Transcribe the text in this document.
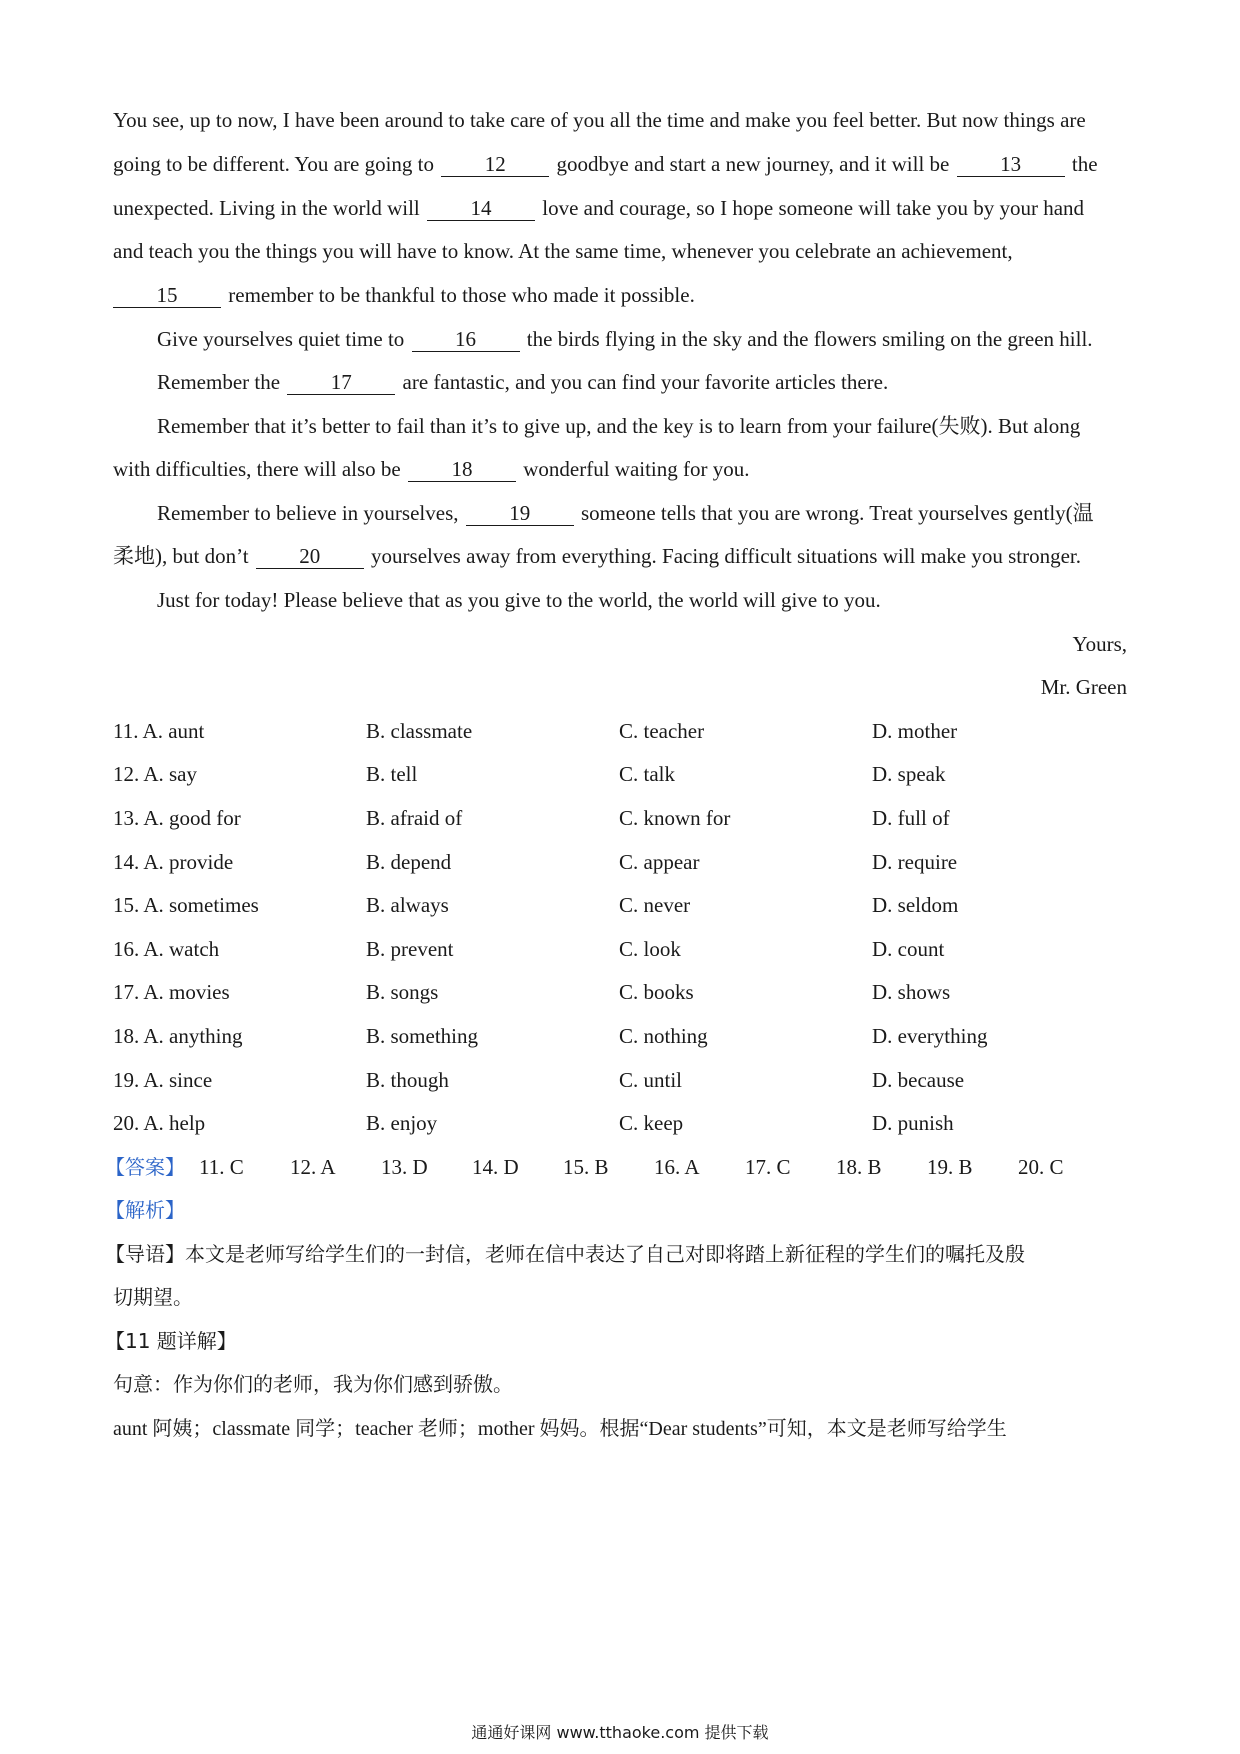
You see, up to now, I have been around to take care of you all the time and make you feel better. But now things are
going to be different. You are going to 12 goodbye and start a new journey, and it will be 13 the
unexpected. Living in the world will 14 love and courage, so I hope someone will take you by your hand
and teach you the things you will have to know. At the same time, whenever you celebrate an achievement,
15 remember to be thankful to those who made it possible.
Give yourselves quiet time to 16 the birds flying in the sky and the flowers smiling on the green hill.
Remember the 17 are fantastic, and you can find your favorite articles there.
Remember that it’s better to fail than it’s to give up, and the key is to learn from your failure(失败). But along
with difficulties, there will also be 18 wonderful waiting for you.
Remember to believe in yourselves, 19 someone tells that you are wrong. Treat yourselves gently(温
柔地), but don’t 20 yourselves away from everything. Facing difficult situations will make you stronger.
Just for today! Please believe that as you give to the world, the world will give to you.
Yours,
Mr. Green
11. A. aunt	B. classmate	C. teacher	D. mother
12. A. say	B. tell	C. talk	D. speak
13. A. good for	B. afraid of	C. known for	D. full of
14. A. provide	B. depend	C. appear	D. require
15. A. sometimes	B. always	C. never	D. seldom
16. A. watch	B. prevent	C. look	D. count
17. A. movies	B. songs	C. books	D. shows
18. A. anything	B. something	C. nothing	D. everything
19. A. since	B. though	C. until	D. because
20. A. help	B. enjoy	C. keep	D. punish
【答案】 11. C 12. A 13. D 14. D 15. B 16. A 17. C 18. B 19. B 20. C
【解析】
【导语】本文是老师写给学生们的一封信，老师在信中表达了自己对即将踏上新征程的学生们的嘱托及殷
切期望。
【11 题详解】
句意：作为你们的老师，我为你们感到骄傲。
aunt 阿姨；classmate 同学；teacher 老师；mother 妈妈。根据“Dear students”可知，本文是老师写给学生
通通好课网 www.tthaoke.com 提供下载
